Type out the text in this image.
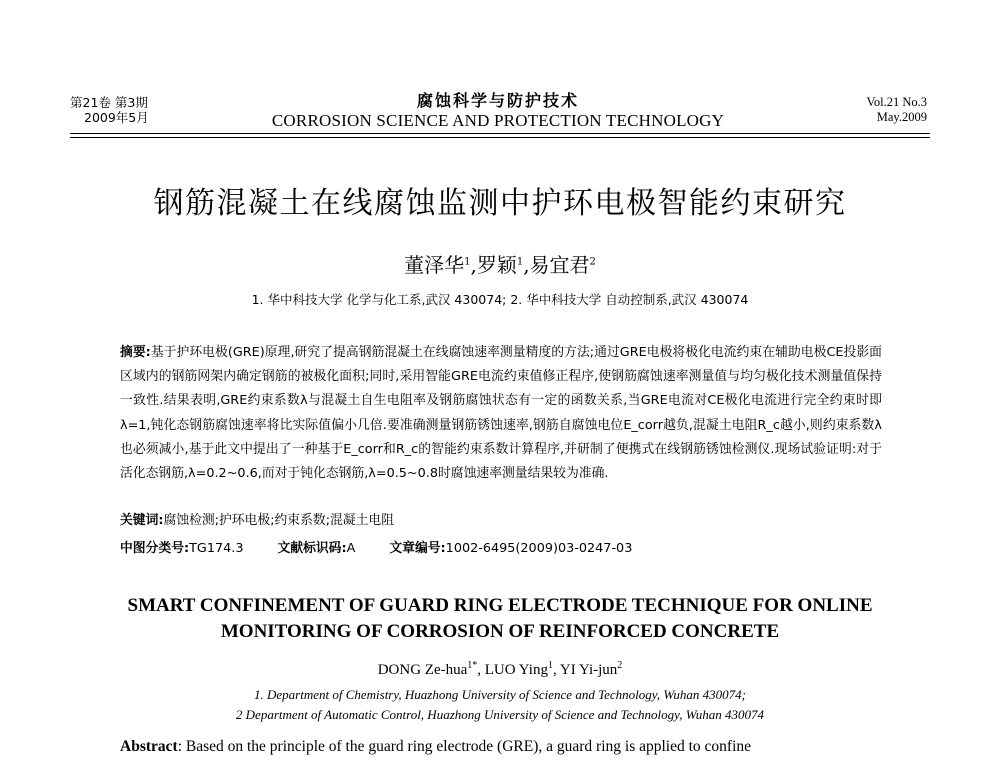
第21卷 第3期
2009年5月
腐蚀科学与防护技术
CORROSION SCIENCE AND PROTECTION TECHNOLOGY
Vol.21 No.3
May.2009
钢筋混凝土在线腐蚀监测中护环电极智能约束研究
董泽华$^1$,罗颖$^1$,易宜君$^2$
1. 华中科技大学 化学与化工系,武汉 430074; 2. 华中科技大学 自动控制系,武汉 430074
摘要:基于护环电极(GRE)原理,研究了提高钢筋混凝土在线腐蚀速率测量精度的方法;通过GRE电极将极化电流约束在辅助电极CE投影面区域内的钢筋网架内确定钢筋的被极化面积;同时,采用智能GRE电流约束值修正程序,使钢筋腐蚀速率测量值与均匀极化技术测量值保持一致性.结果表明,GRE约束系数λ与混凝土自生电阻率及钢筋腐蚀状态有一定的函数关系,当GRE电流对CE极化电流进行完全约束时即λ=1,钝化态钢筋腐蚀速率将比实际值偏小几倍.要准确测量钢筋锈蚀速率,钢筋自腐蚀电位E_corr越负,混凝土电阻R_c越小,则约束系数λ也必须减小,基于此文中提出了一种基于E_corr和R_c的智能约束系数计算程序,并研制了便携式在线钢筋锈蚀检测仪.现场试验证明:对于活化态钢筋,λ=0.2~0.6,而对于钝化态钢筋,λ=0.5~0.8时腐蚀速率测量结果较为准确.
关键词:腐蚀检测;护环电极;约束系数;混凝土电阻
中图分类号:TG174.3	文献标识码:A	文章编号:1002-6495(2009)03-0247-03
SMART CONFINEMENT OF GUARD RING ELECTRODE TECHNIQUE FOR ONLINE
MONITORING OF CORROSION OF REINFORCED CONCRETE
DONG Ze-hua$^{1*}$, LUO Ying$^1$, YI Yi-jun$^2$
1. Department of Chemistry, Huazhong University of Science and Technology, Wuhan 430074;
2 Department of Automatic Control, Huazhong University of Science and Technology, Wuhan 430074
Abstract: Based on the principle of the guard ring electrode (GRE), a guard ring is applied to confine
